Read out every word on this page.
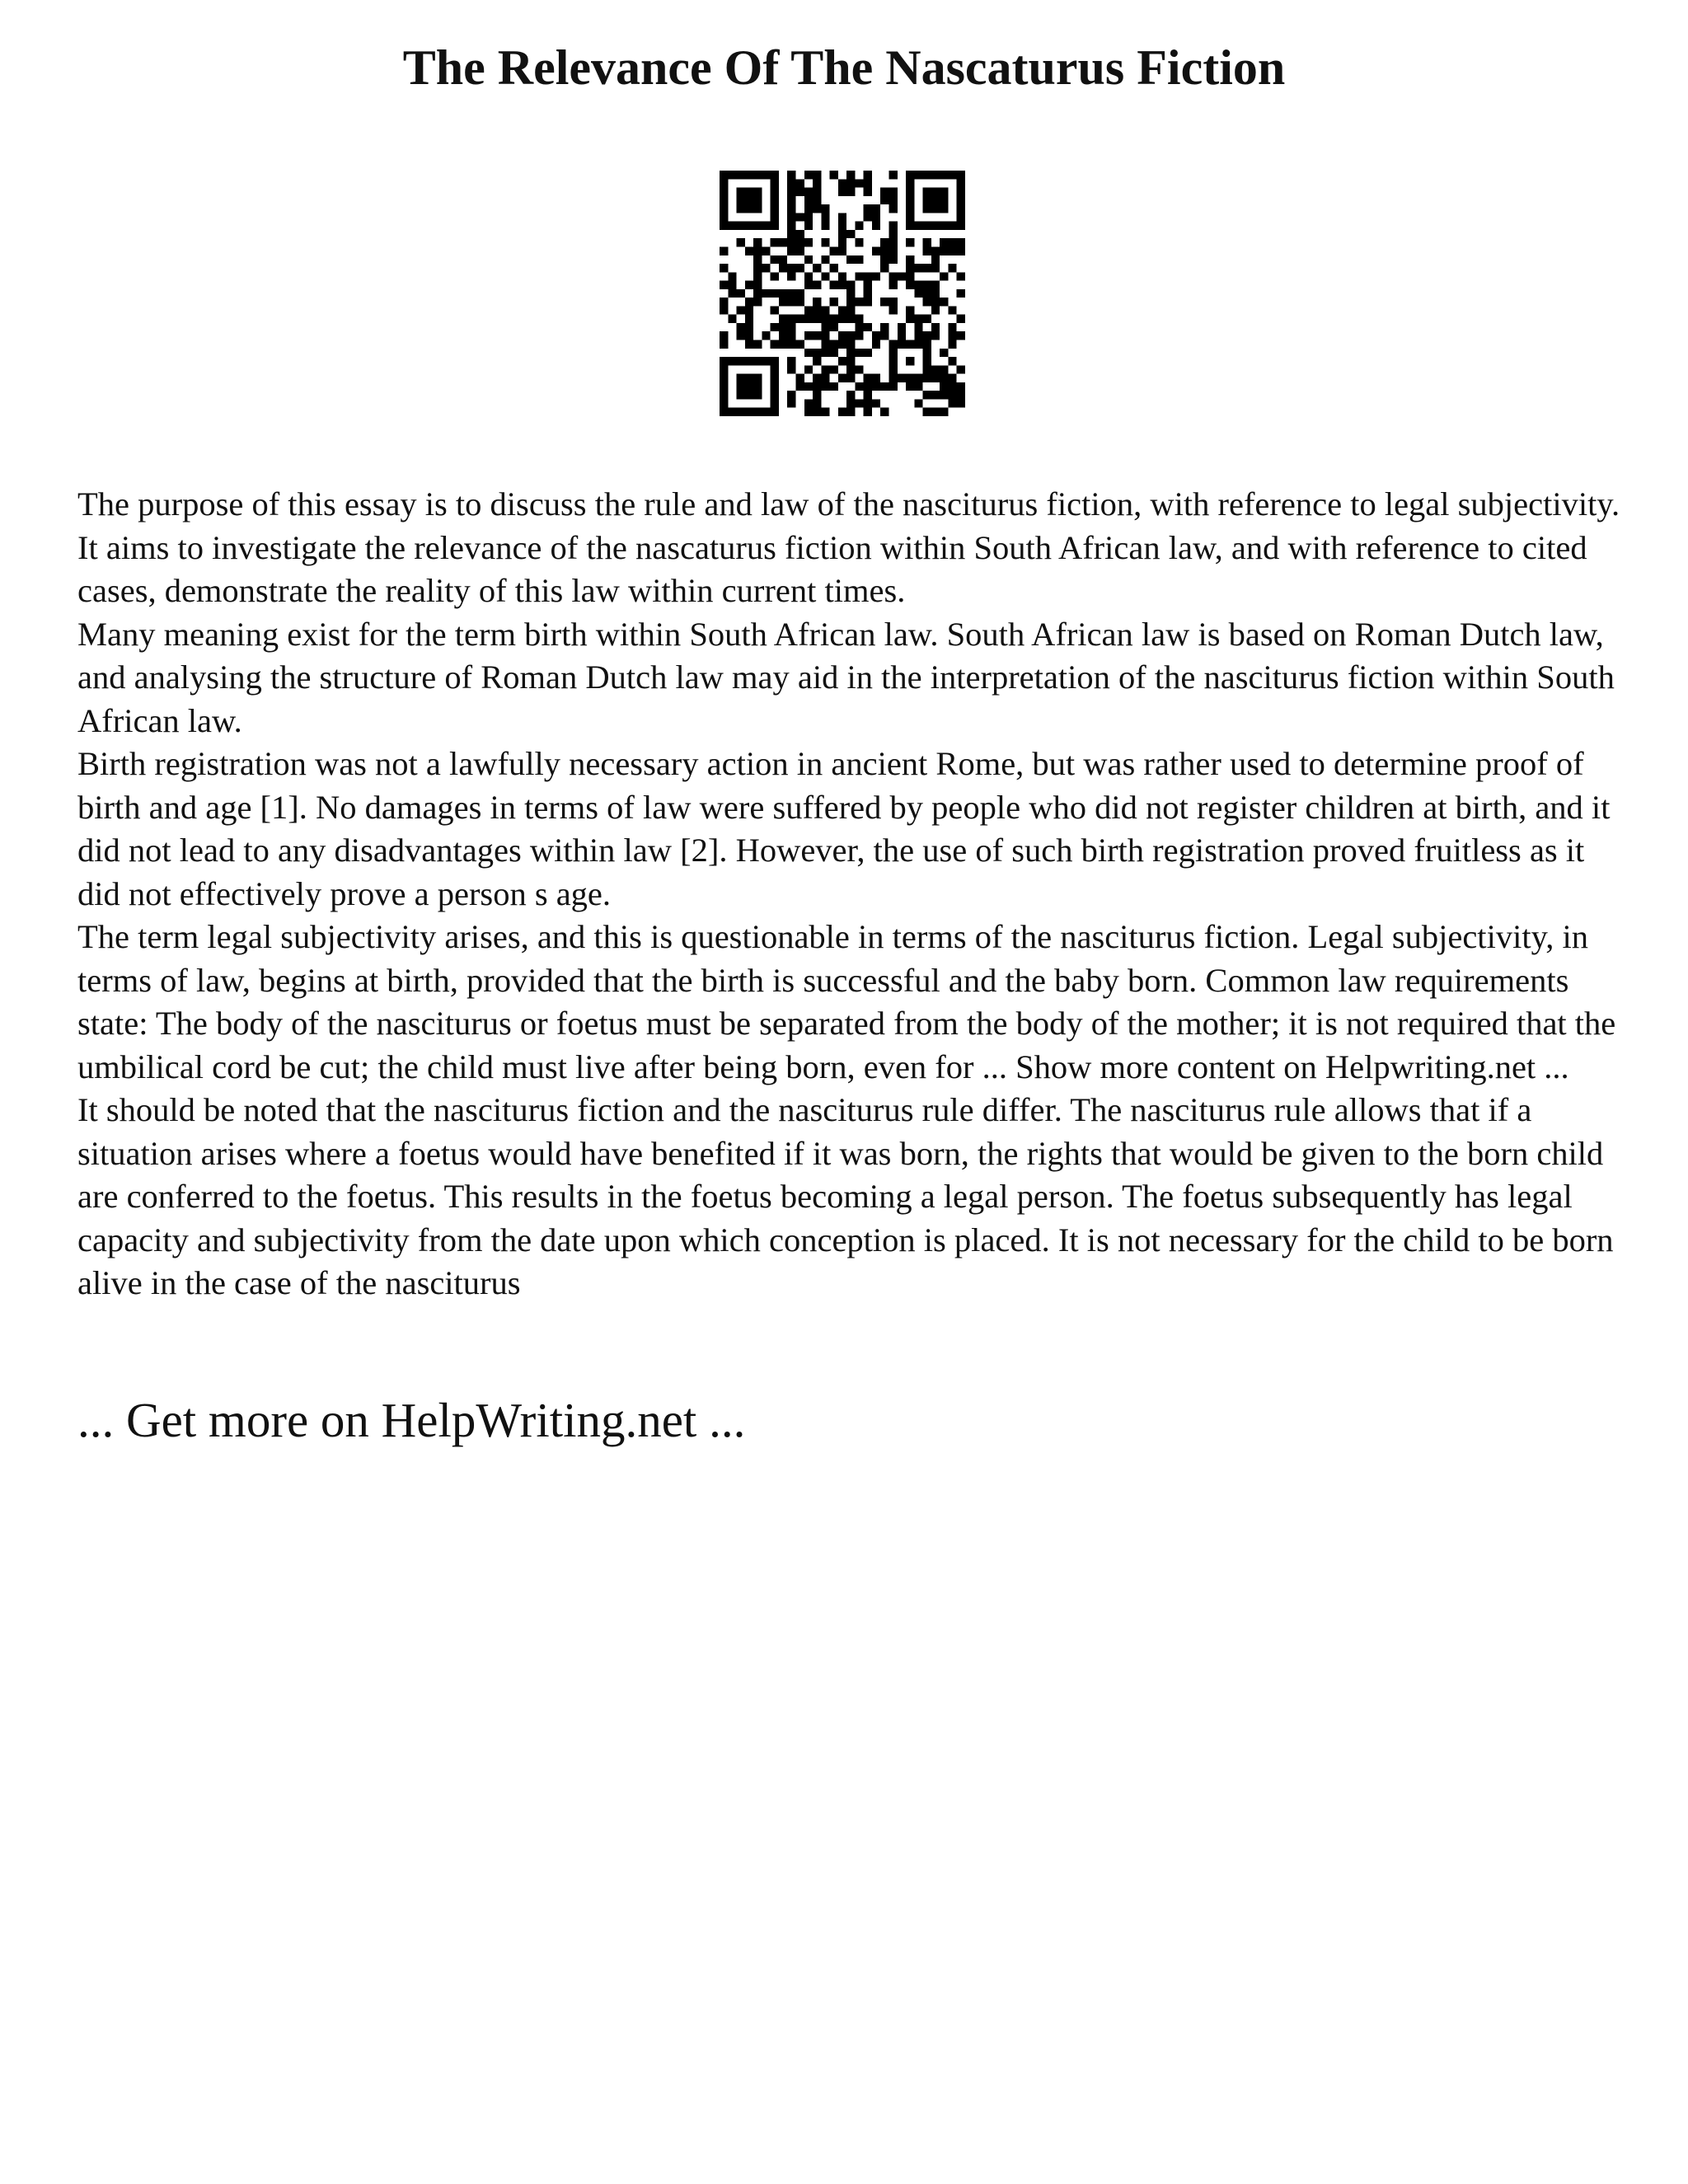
The Relevance Of The Nascaturus Fiction

The purpose of this essay is to discuss the rule and law of the nasciturus fiction, with reference to legal subjectivity. It aims to investigate the relevance of the nascaturus fiction within South African law, and with reference to cited cases, demonstrate the reality of this law within current times.

Many meaning exist for the term birth within South African law. South African law is based on Roman Dutch law, and analysing the structure of Roman Dutch law may aid in the interpretation of the nasciturus fiction within South African law.

Birth registration was not a lawfully necessary action in ancient Rome, but was rather used to determine proof of birth and age [1]. No damages in terms of law were suffered by people who did not register children at birth, and it did not lead to any disadvantages within law [2]. However, the use of such birth registration proved fruitless as it did not effectively prove a person s age.

The term legal subjectivity arises, and this is questionable in terms of the nasciturus fiction. Legal subjectivity, in terms of law, begins at birth, provided that the birth is successful and the baby born. Common law requirements state: The body of the nasciturus or foetus must be separated from the body of the mother; it is not required that the umbilical cord be cut; the child must live after being born, even for ... Show more content on Helpwriting.net ...

It should be noted that the nasciturus fiction and the nasciturus rule differ. The nasciturus rule allows that if a situation arises where a foetus would have benefited if it was born, the rights that would be given to the born child are conferred to the foetus. This results in the foetus becoming a legal person. The foetus subsequently has legal capacity and subjectivity from the date upon which conception is placed. It is not necessary for the child to be born alive in the case of the nasciturus

... Get more on HelpWriting.net ...
